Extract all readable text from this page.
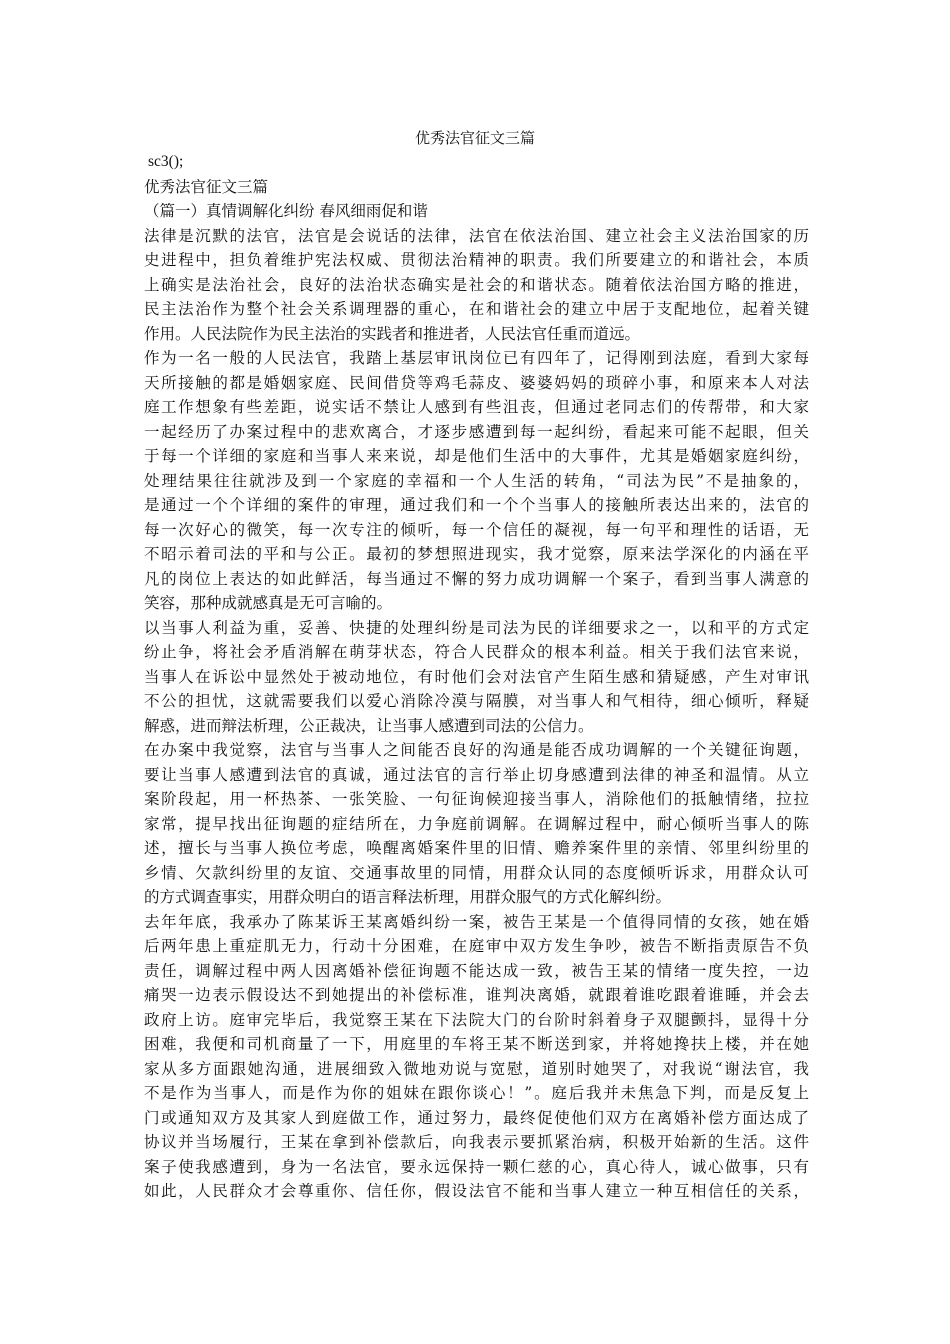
优秀法官征文三篇
sc3();
优秀法官征文三篇
（篇一）真情调解化纠纷 春风细雨促和谐
法律是沉默的法官，法官是会说话的法律，法官在依法治国、建立社会主义法治国家的历
史进程中，担负着维护宪法权威、贯彻法治精神的职责。我们所要建立的和谐社会，本质
上确实是法治社会，良好的法治状态确实是社会的和谐状态。随着依法治国方略的推进，
民主法治作为整个社会关系调理器的重心，在和谐社会的建立中居于支配地位，起着关键
作用。人民法院作为民主法治的实践者和推进者，人民法官任重而道远。
作为一名一般的人民法官，我踏上基层审讯岗位已有四年了，记得刚到法庭，看到大家每
天所接触的都是婚姻家庭、民间借贷等鸡毛蒜皮、婆婆妈妈的琐碎小事，和原来本人对法
庭工作想象有些差距，说实话不禁让人感到有些沮丧，但通过老同志们的传帮带，和大家
一起经历了办案过程中的悲欢离合，才逐步感遭到每一起纠纷，看起来可能不起眼，但关
于每一个详细的家庭和当事人来来说，却是他们生活中的大事件，尤其是婚姻家庭纠纷，
处理结果往往就涉及到一个家庭的幸福和一个人生活的转角，“司法为民”不是抽象的，
是通过一个个详细的案件的审理，通过我们和一个个当事人的接触所表达出来的，法官的
每一次好心的微笑，每一次专注的倾听，每一个信任的凝视，每一句平和理性的话语，无
不昭示着司法的平和与公正。最初的梦想照进现实，我才觉察，原来法学深化的内涵在平
凡的岗位上表达的如此鲜活，每当通过不懈的努力成功调解一个案子，看到当事人满意的
笑容，那种成就感真是无可言喻的。
以当事人利益为重，妥善、快捷的处理纠纷是司法为民的详细要求之一，以和平的方式定
纷止争，将社会矛盾消解在萌芽状态，符合人民群众的根本利益。相关于我们法官来说，
当事人在诉讼中显然处于被动地位，有时他们会对法官产生陌生感和猜疑感，产生对审讯
不公的担忧，这就需要我们以爱心消除冷漠与隔膜，对当事人和气相待，细心倾听，释疑
解惑，进而辩法析理，公正裁决，让当事人感遭到司法的公信力。
在办案中我觉察，法官与当事人之间能否良好的沟通是能否成功调解的一个关键征询题，
要让当事人感遭到法官的真诚，通过法官的言行举止切身感遭到法律的神圣和温情。从立
案阶段起，用一杯热茶、一张笑脸、一句征询候迎接当事人，消除他们的抵触情绪，拉拉
家常，提早找出征询题的症结所在，力争庭前调解。在调解过程中，耐心倾听当事人的陈
述，擅长与当事人换位考虑，唤醒离婚案件里的旧情、赡养案件里的亲情、邻里纠纷里的
乡情、欠款纠纷里的友谊、交通事故里的同情，用群众认同的态度倾听诉求，用群众认可
的方式调查事实，用群众明白的语言释法析理，用群众服气的方式化解纠纷。
去年年底，我承办了陈某诉王某离婚纠纷一案，被告王某是一个值得同情的女孩，她在婚
后两年患上重症肌无力，行动十分困难，在庭审中双方发生争吵，被告不断指责原告不负
责任，调解过程中两人因离婚补偿征询题不能达成一致，被告王某的情绪一度失控，一边
痛哭一边表示假设达不到她提出的补偿标准，谁判决离婚，就跟着谁吃跟着谁睡，并会去
政府上访。庭审完毕后，我觉察王某在下法院大门的台阶时斜着身子双腿颤抖，显得十分
困难，我便和司机商量了一下，用庭里的车将王某不断送到家，并将她搀扶上楼，并在她
家从多方面跟她沟通，进展细致入微地劝说与宽慰，道别时她哭了，对我说“谢法官，我
不是作为当事人，而是作为你的姐妹在跟你谈心！”。庭后我并未焦急下判，而是反复上
门或通知双方及其家人到庭做工作，通过努力，最终促使他们双方在离婚补偿方面达成了
协议并当场履行，王某在拿到补偿款后，向我表示要抓紧治病，积极开始新的生活。这件
案子使我感遭到，身为一名法官，要永远保持一颗仁慈的心，真心待人，诚心做事，只有
如此，人民群众才会尊重你、信任你，假设法官不能和当事人建立一种互相信任的关系，
